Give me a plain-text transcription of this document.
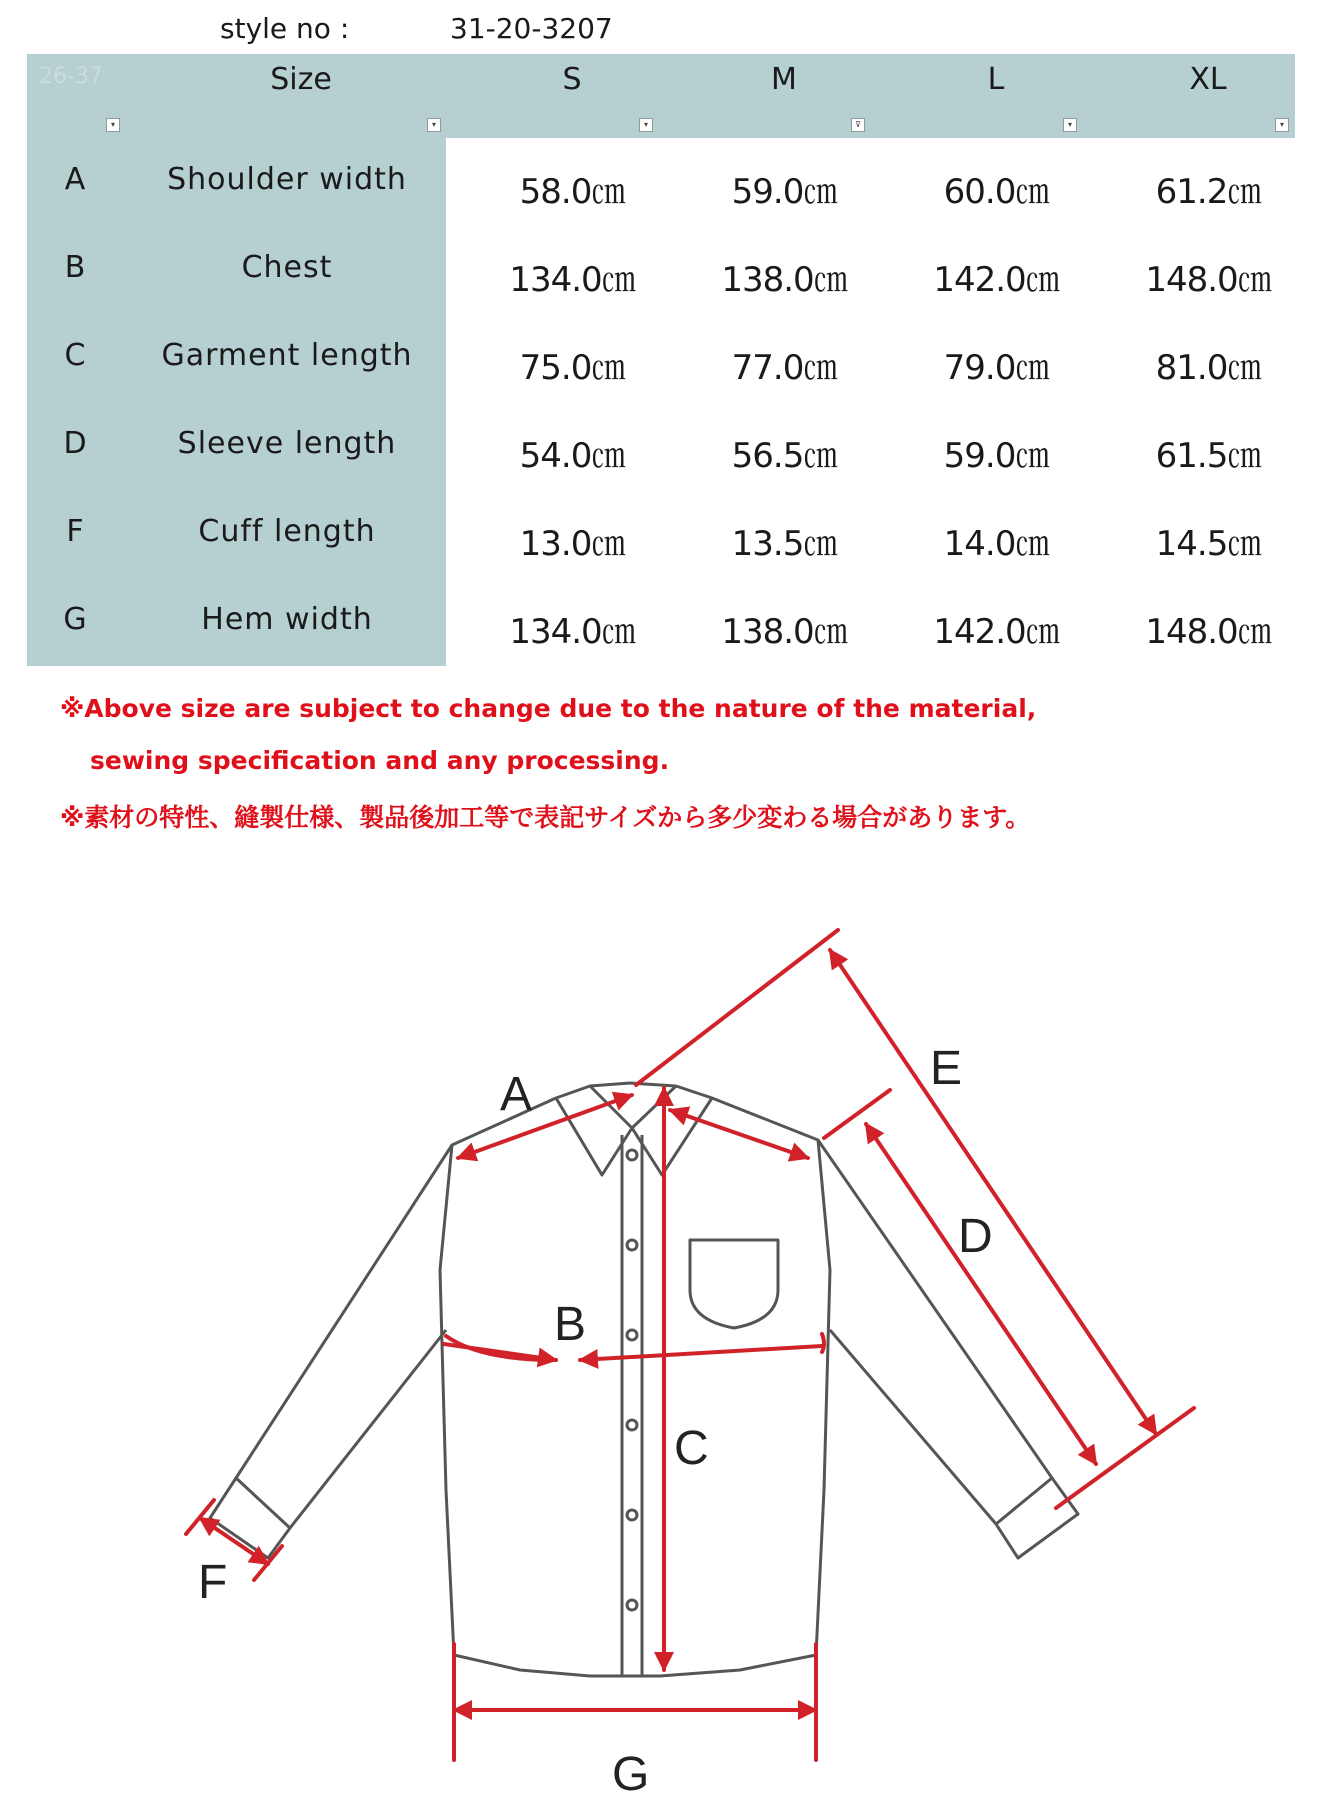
style no :	31-20-3207
26-37	Size	S	M	L	XL
▾	▾	▾	⊽	▾	▾
A	Shoulder width	58.0㎝	59.0㎝	60.0㎝	61.2㎝
B	Chest	134.0㎝	138.0㎝	142.0㎝	148.0㎝
C	Garment length	75.0㎝	77.0㎝	79.0㎝	81.0㎝
D	Sleeve length	54.0㎝	56.5㎝	59.0㎝	61.5㎝
F	Cuff length	13.0㎝	13.5㎝	14.0㎝	14.5㎝
G	Hem width	134.0㎝	138.0㎝	142.0㎝	148.0㎝
※Above size are subject to change due to the nature of the material,
sewing specification and any processing.
※素材の特性、縫製仕様、製品後加工等で表記サイズから多少変わる場合があります。
A
B
C
D
E
F
G
